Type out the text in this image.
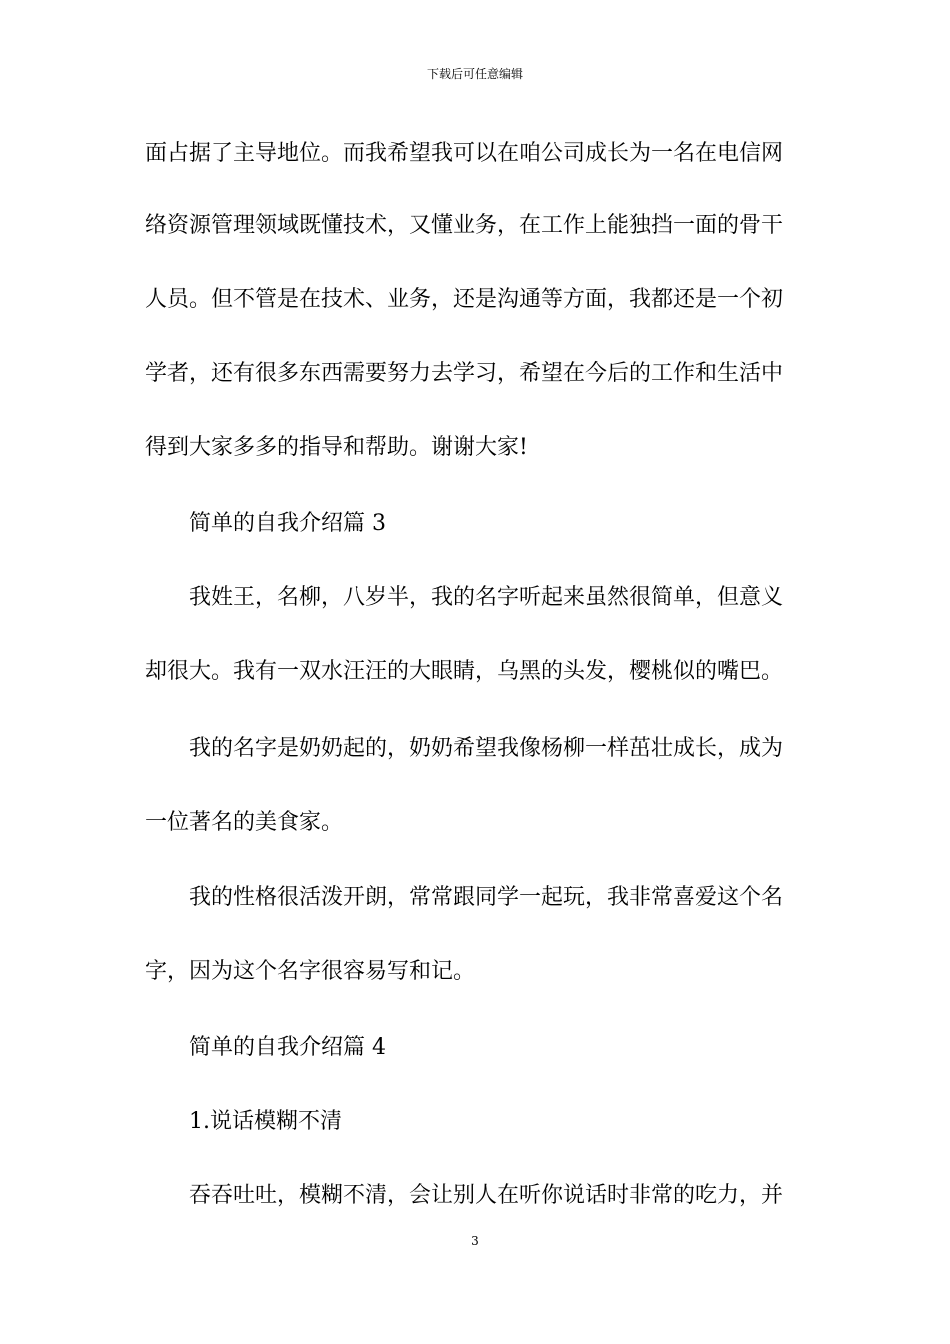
下载后可任意编辑
面占据了主导地位。而我希望我可以在咱公司成长为一名在电信网
络资源管理领域既懂技术，又懂业务，在工作上能独挡一面的骨干
人员。但不管是在技术、业务，还是沟通等方面，我都还是一个初
学者，还有很多东西需要努力去学习，希望在今后的工作和生活中
得到大家多多的指导和帮助。谢谢大家!
简单的自我介绍篇 3
我姓王，名柳，八岁半，我的名字听起来虽然很简单，但意义
却很大。我有一双水汪汪的大眼睛，乌黑的头发，樱桃似的嘴巴。
我的名字是奶奶起的，奶奶希望我像杨柳一样茁壮成长，成为
一位著名的美食家。
我的性格很活泼开朗，常常跟同学一起玩，我非常喜爱这个名
字，因为这个名字很容易写和记。
简单的自我介绍篇 4
1.说话模糊不清
吞吞吐吐，模糊不清，会让别人在听你说话时非常的吃力，并
3
